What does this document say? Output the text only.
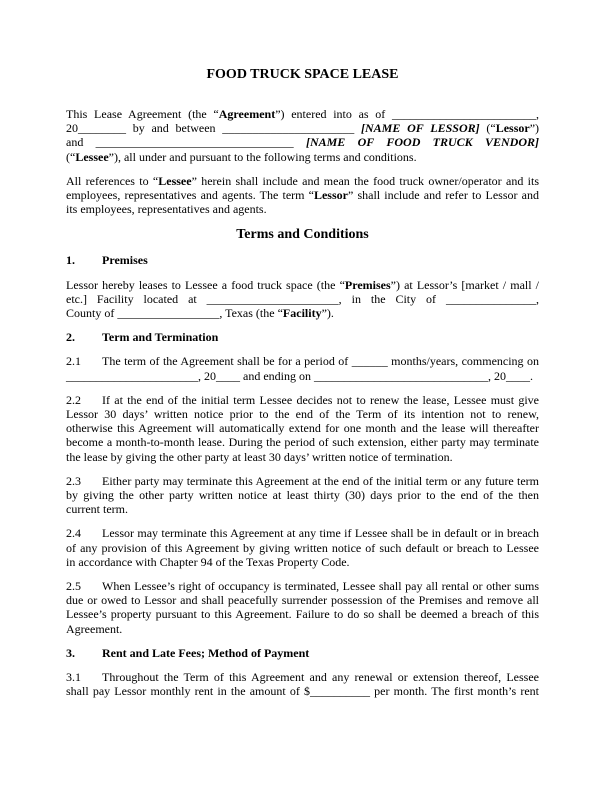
FOOD TRUCK SPACE LEASE
This Lease Agreement (the “Agreement”) entered into as of ________________________,
20________ by and between ______________________ [NAME OF LESSOR] (“Lessor”)
and _________________________________ [NAME OF FOOD TRUCK VENDOR]
(“Lessee”), all under and pursuant to the following terms and conditions.
All references to “Lessee” herein shall include and mean the food truck owner/operator and its
employees, representatives and agents. The term “Lessor” shall include and refer to Lessor and
its employees, representatives and agents.
Terms and Conditions
1. Premises
Lessor hereby leases to Lessee a food truck space (the “Premises”) at Lessor’s [market / mall /
etc.] Facility located at ______________________, in the City of _______________,
County of _________________, Texas (the “Facility”).
2. Term and Termination
2.1 The term of the Agreement shall be for a period of ______ months/years, commencing on
______________________, 20____ and ending on _____________________________, 20____.
2.2 If at the end of the initial term Lessee decides not to renew the lease, Lessee must give
Lessor 30 days’ written notice prior to the end of the Term of its intention not to renew,
otherwise this Agreement will automatically extend for one month and the lease will thereafter
become a month-to-month lease. During the period of such extension, either party may terminate
the lease by giving the other party at least 30 days’ written notice of termination.
2.3 Either party may terminate this Agreement at the end of the initial term or any future term
by giving the other party written notice at least thirty (30) days prior to the end of the then
current term.
2.4 Lessor may terminate this Agreement at any time if Lessee shall be in default or in breach
of any provision of this Agreement by giving written notice of such default or breach to Lessee
in accordance with Chapter 94 of the Texas Property Code.
2.5 When Lessee’s right of occupancy is terminated, Lessee shall pay all rental or other sums
due or owed to Lessor and shall peacefully surrender possession of the Premises and remove all
Lessee’s property pursuant to this Agreement. Failure to do so shall be deemed a breach of this
Agreement.
3. Rent and Late Fees; Method of Payment
3.1 Throughout the Term of this Agreement and any renewal or extension thereof, Lessee
shall pay Lessor monthly rent in the amount of $__________ per month. The first month’s rent
